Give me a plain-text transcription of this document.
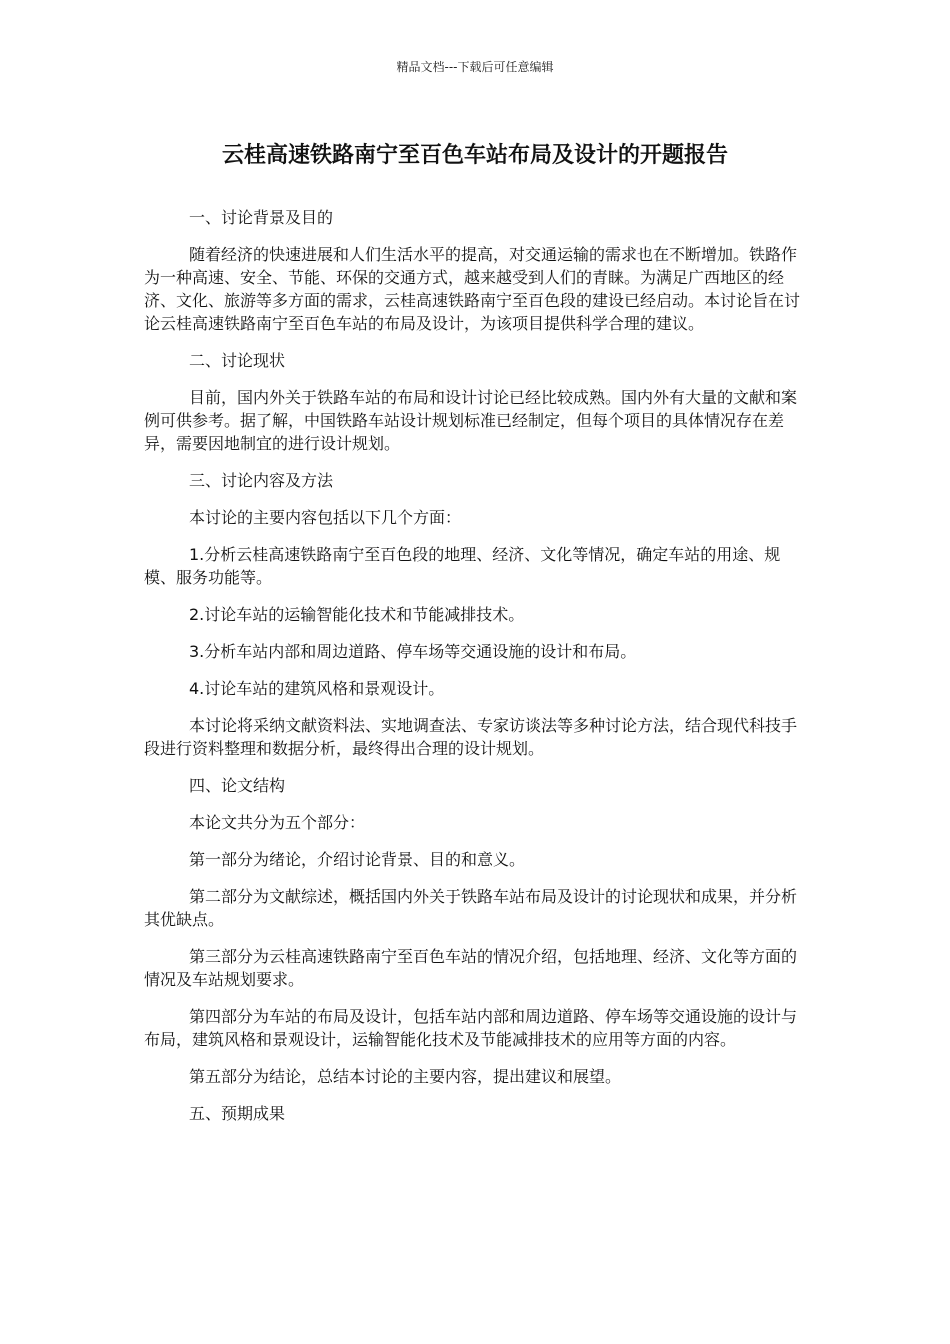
精品文档---下载后可任意编辑
云桂高速铁路南宁至百色车站布局及设计的开题报告

一、讨论背景及目的

随着经济的快速进展和人们生活水平的提高，对交通运输的需求也在不断增加。铁路作为一种高速、安全、节能、环保的交通方式，越来越受到人们的青睐。为满足广西地区的经济、文化、旅游等多方面的需求，云桂高速铁路南宁至百色段的建设已经启动。本讨论旨在讨论云桂高速铁路南宁至百色车站的布局及设计，为该项目提供科学合理的建议。

二、讨论现状

目前，国内外关于铁路车站的布局和设计讨论已经比较成熟。国内外有大量的文献和案例可供参考。据了解，中国铁路车站设计规划标准已经制定，但每个项目的具体情况存在差异，需要因地制宜的进行设计规划。

三、讨论内容及方法

本讨论的主要内容包括以下几个方面：

1.分析云桂高速铁路南宁至百色段的地理、经济、文化等情况，确定车站的用途、规模、服务功能等。

2.讨论车站的运输智能化技术和节能减排技术。

3.分析车站内部和周边道路、停车场等交通设施的设计和布局。

4.讨论车站的建筑风格和景观设计。

本讨论将采纳文献资料法、实地调查法、专家访谈法等多种讨论方法，结合现代科技手段进行资料整理和数据分析，最终得出合理的设计规划。

四、论文结构

本论文共分为五个部分：

第一部分为绪论，介绍讨论背景、目的和意义。

第二部分为文献综述，概括国内外关于铁路车站布局及设计的讨论现状和成果，并分析其优缺点。

第三部分为云桂高速铁路南宁至百色车站的情况介绍，包括地理、经济、文化等方面的情况及车站规划要求。

第四部分为车站的布局及设计，包括车站内部和周边道路、停车场等交通设施的设计与布局，建筑风格和景观设计，运输智能化技术及节能减排技术的应用等方面的内容。

第五部分为结论，总结本讨论的主要内容，提出建议和展望。

五、预期成果
